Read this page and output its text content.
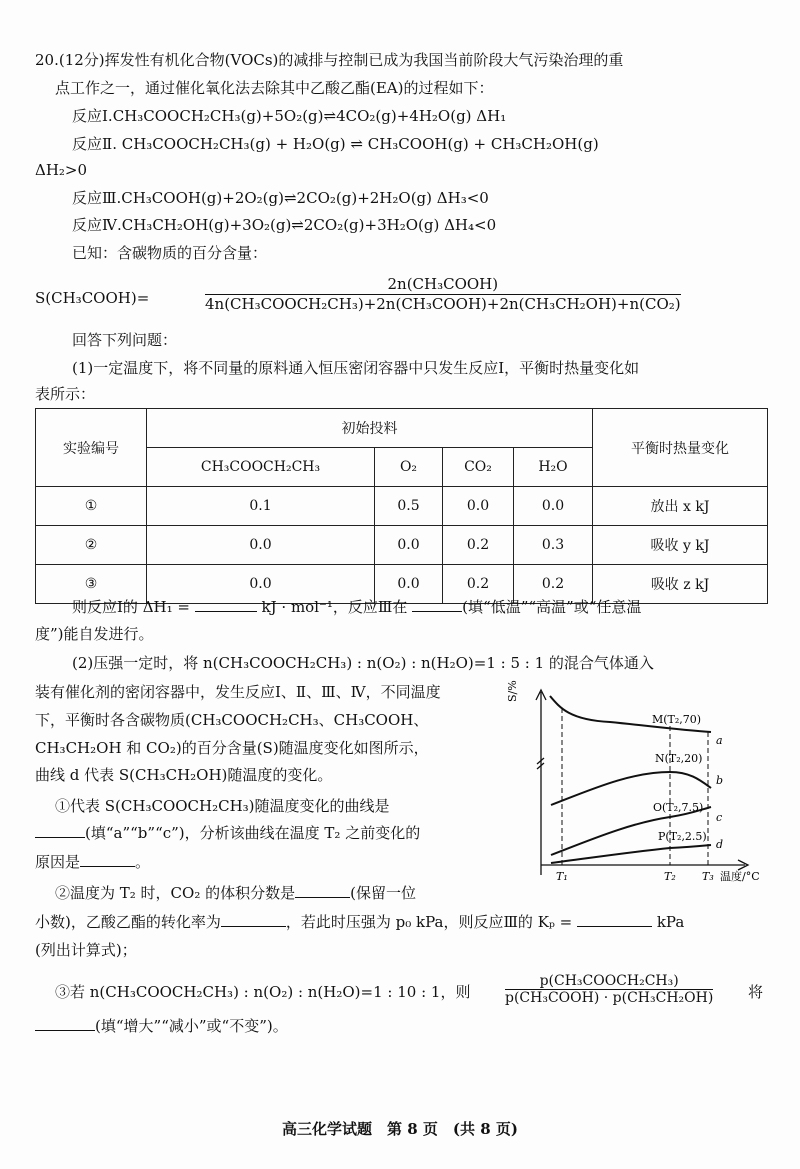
20.(12分)挥发性有机化合物(VOCs)的减排与控制已成为我国当前阶段大气污染治理的重
点工作之一，通过催化氧化法去除其中乙酸乙酯(EA)的过程如下：
反应Ⅰ.CH₃COOCH₂CH₃(g)+5O₂(g)⇌4CO₂(g)+4H₂O(g) ΔH₁
反应Ⅱ. CH₃COOCH₂CH₃(g) + H₂O(g) ⇌ CH₃COOH(g) + CH₃CH₂OH(g)
ΔH₂>0
反应Ⅲ.CH₃COOH(g)+2O₂(g)⇌2CO₂(g)+2H₂O(g) ΔH₃<0
反应Ⅳ.CH₃CH₂OH(g)+3O₂(g)⇌2CO₂(g)+3H₂O(g) ΔH₄<0
已知：含碳物质的百分含量：
S(CH₃COOH)=
2n(CH₃COOH)
4n(CH₃COOCH₂CH₃)+2n(CH₃COOH)+2n(CH₃CH₂OH)+n(CO₂)
回答下列问题：
(1)一定温度下，将不同量的原料通入恒压密闭容器中只发生反应Ⅰ，平衡时热量变化如
表所示：
实验编号	初始投料				平衡时热量变化
	CH₃COOCH₂CH₃	O₂	CO₂	H₂O	
①	0.1	0.5	0.0	0.0	放出 x kJ
②	0.0	0.0	0.2	0.3	吸收 y kJ
③	0.0	0.0	0.2	0.2	吸收 z kJ
则反应Ⅰ的 ΔH₁ =	kJ · mol⁻¹，反应Ⅲ在	(填“低温”“高温”或“任意温
度”)能自发进行。
(2)压强一定时，将 n(CH₃COOCH₂CH₃) : n(O₂) : n(H₂O)=1 : 5 : 1 的混合气体通入
装有催化剂的密闭容器中，发生反应Ⅰ、Ⅱ、Ⅲ、Ⅳ，不同温度
下，平衡时各含碳物质(CH₃COOCH₂CH₃、CH₃COOH、
CH₃CH₂OH 和 CO₂)的百分含量(S)随温度变化如图所示，
曲线 d 代表 S(CH₃CH₂OH)随温度的变化。
①代表 S(CH₃COOCH₂CH₃)随温度变化的曲线是
(填“a”“b”“c”)，分析该曲线在温度 T₂ 之前变化的
原因是	。
②温度为 T₂ 时，CO₂ 的体积分数是	(保留一位
小数)，乙酸乙酯的转化率为	，若此时压强为 p₀ kPa，则反应Ⅲ的 Kₚ =	kPa
(列出计算式)；
③若 n(CH₃COOCH₂CH₃) : n(O₂) : n(H₂O)=1 : 10 : 1，则
p(CH₃COOCH₂CH₃)
p(CH₃COOH) · p(CH₃CH₂OH) 将
(填“增大”“减小”或“不变”)。
S/%
M(T₂,70)
N(T₂,20)
O(T₂,7.5)
P(T₂,2.5)
a
b
c
d
T₁	T₂ T₃ 温度/°C
高三化学试题　第 8 页　(共 8 页)
